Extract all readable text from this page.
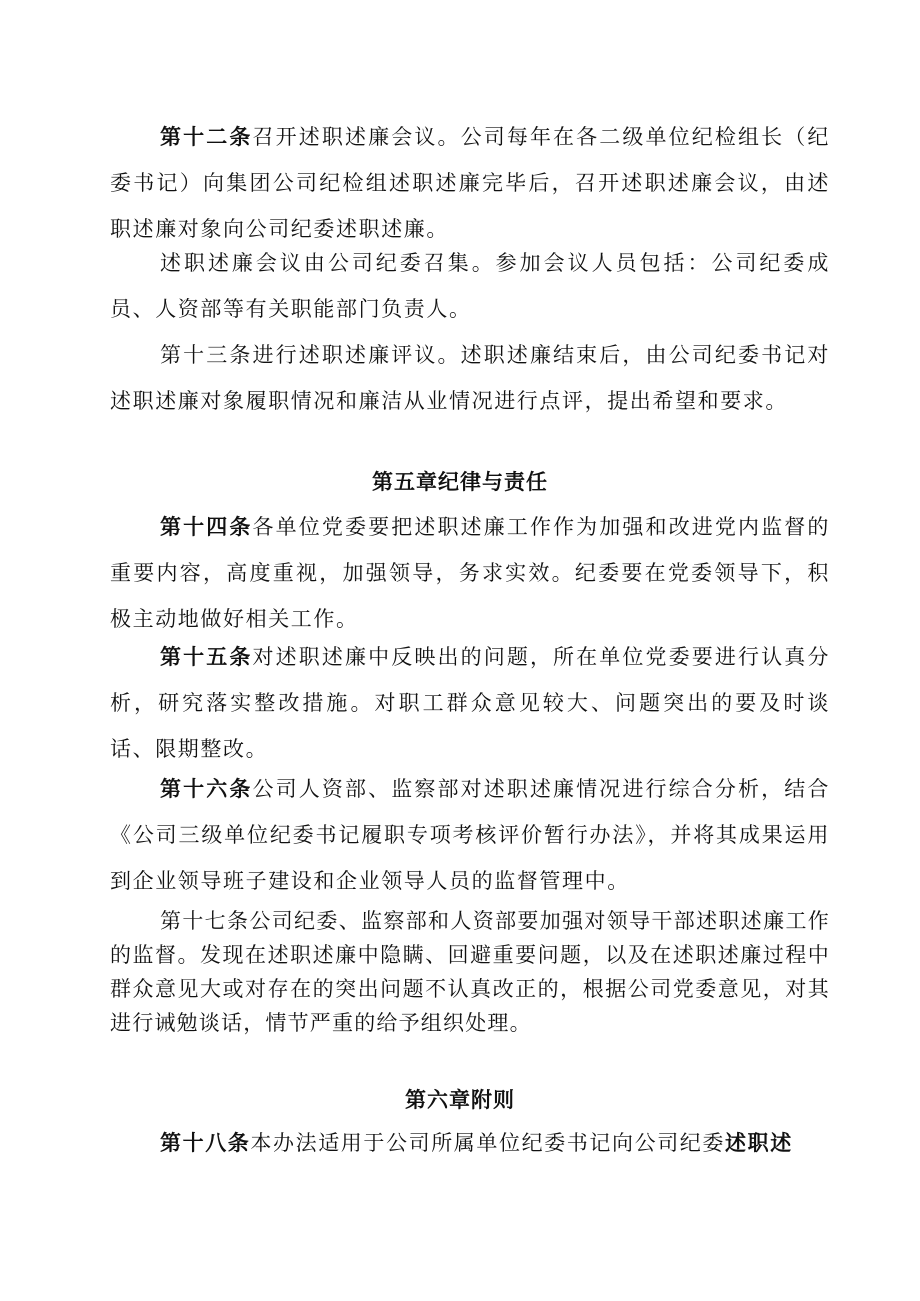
第十二条召开述职述廉会议。公司每年在各二级单位纪检组长（纪委书记）向集团公司纪检组述职述廉完毕后，召开述职述廉会议，由述职述廉对象向公司纪委述职述廉。

述职述廉会议由公司纪委召集。参加会议人员包括：公司纪委成员、人资部等有关职能部门负责人。

第十三条进行述职述廉评议。述职述廉结束后，由公司纪委书记对述职述廉对象履职情况和廉洁从业情况进行点评，提出希望和要求。

第五章纪律与责任

第十四条各单位党委要把述职述廉工作作为加强和改进党内监督的重要内容，高度重视，加强领导，务求实效。纪委要在党委领导下，积极主动地做好相关工作。

第十五条对述职述廉中反映出的问题，所在单位党委要进行认真分析，研究落实整改措施。对职工群众意见较大、问题突出的要及时谈话、限期整改。

第十六条公司人资部、监察部对述职述廉情况进行综合分析，结合《公司三级单位纪委书记履职专项考核评价暂行办法》，并将其成果运用到企业领导班子建设和企业领导人员的监督管理中。

第十七条公司纪委、监察部和人资部要加强对领导干部述职述廉工作的监督。发现在述职述廉中隐瞒、回避重要问题，以及在述职述廉过程中群众意见大或对存在的突出问题不认真改正的，根据公司党委意见，对其进行诫勉谈话，情节严重的给予组织处理。

第六章附则

第十八条本办法适用于公司所属单位纪委书记向公司纪委述职述
